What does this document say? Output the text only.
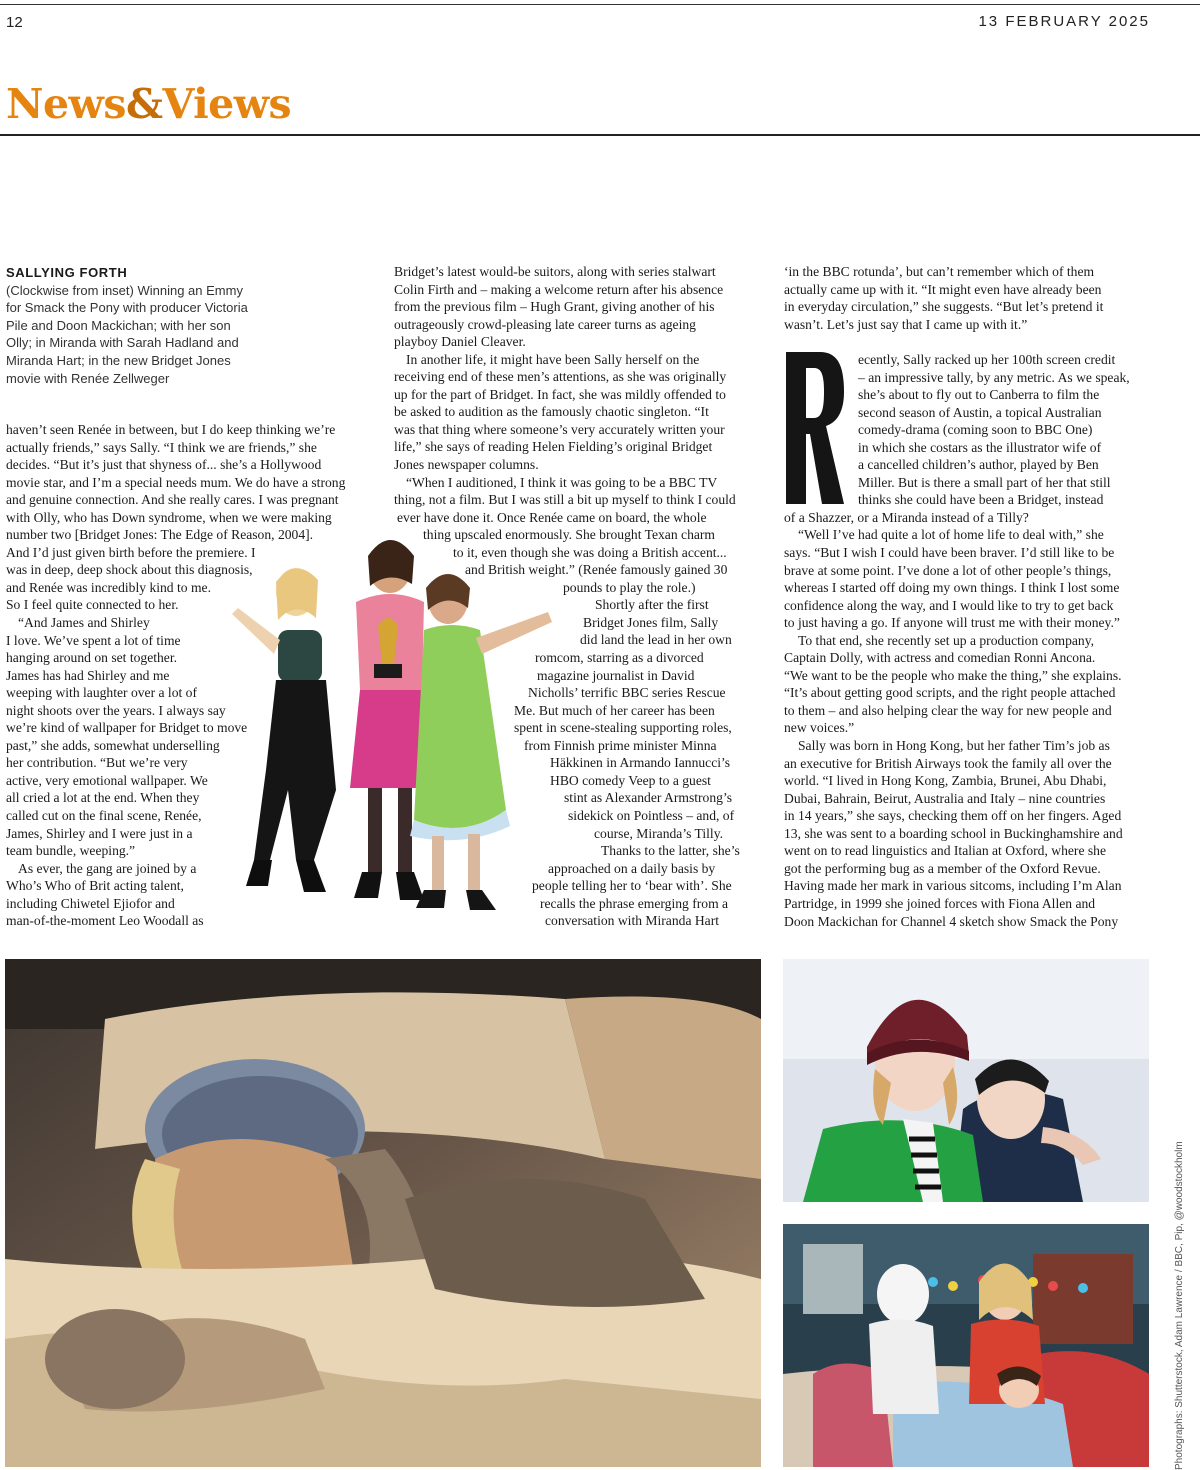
12	13 FEBRUARY 2025
News&Views
SALLYING FORTH
(Clockwise from inset) Winning an Emmy
for Smack the Pony with producer Victoria
Pile and Doon Mackichan; with her son
Olly; in Miranda with Sarah Hadland and
Miranda Hart; in the new Bridget Jones
movie with Renée Zellweger
haven’t seen Renée in between, but I do keep thinking we’re
actually friends,” says Sally. “I think we are friends,” she
decides. “But it’s just that shyness of... she’s a Hollywood
movie star, and I’m a special needs mum. We do have a strong
and genuine connection. And she really cares. I was pregnant
with Olly, who has Down syndrome, when we were making
number two [Bridget Jones: The Edge of Reason, 2004].
And I’d just given birth before the premiere. I
was in deep, deep shock about this diagnosis,
and Renée was incredibly kind to me.
So I feel quite connected to her.
“And James and Shirley
I love. We’ve spent a lot of time
hanging around on set together.
James has had Shirley and me
weeping with laughter over a lot of
night shoots over the years. I always say
we’re kind of wallpaper for Bridget to move
past,” she adds, somewhat underselling
her contribution. “But we’re very
active, very emotional wallpaper. We
all cried a lot at the end. When they
called cut on the final scene, Renée,
James, Shirley and I were just in a
team bundle, weeping.”
As ever, the gang are joined by a
Who’s Who of Brit acting talent,
including Chiwetel Ejiofor and
man-of-the-moment Leo Woodall as
Bridget’s latest would-be suitors, along with series stalwart
Colin Firth and – making a welcome return after his absence
from the previous film – Hugh Grant, giving another of his
outrageously crowd-pleasing late career turns as ageing
playboy Daniel Cleaver.
In another life, it might have been Sally herself on the
receiving end of these men’s attentions, as she was originally
up for the part of Bridget. In fact, she was mildly offended to
be asked to audition as the famously chaotic singleton. “It
was that thing where someone’s very accurately written your
life,” she says of reading Helen Fielding’s original Bridget
Jones newspaper columns.
“When I auditioned, I think it was going to be a BBC TV
thing, not a film. But I was still a bit up myself to think I could
ever have done it. Once Renée came on board, the whole
thing upscaled enormously. She brought Texan charm
to it, even though she was doing a British accent...
and British weight.” (Renée famously gained 30
pounds to play the role.)
Shortly after the first
Bridget Jones film, Sally
did land the lead in her own
romcom, starring as a divorced
magazine journalist in David
Nicholls’ terrific BBC series Rescue
Me. But much of her career has been
spent in scene-stealing supporting roles,
from Finnish prime minister Minna
Häkkinen in Armando Iannucci’s
HBO comedy Veep to a guest
stint as Alexander Armstrong’s
sidekick on Pointless – and, of
course, Miranda’s Tilly.
Thanks to the latter, she’s
approached on a daily basis by
people telling her to ‘bear with’. She
recalls the phrase emerging from a
conversation with Miranda Hart
‘in the BBC rotunda’, but can’t remember which of them
actually came up with it. “It might even have already been
in everyday circulation,” she suggests. “But let’s pretend it
wasn’t. Let’s just say that I came up with it.”
ecently, Sally racked up her 100th screen credit
– an impressive tally, by any metric. As we speak,
she’s about to fly out to Canberra to film the
second season of Austin, a topical Australian
comedy-drama (coming soon to BBC One)
in which she costars as the illustrator wife of
a cancelled children’s author, played by Ben
Miller. But is there a small part of her that still
thinks she could have been a Bridget, instead
of a Shazzer, or a Miranda instead of a Tilly?
“Well I’ve had quite a lot of home life to deal with,” she
says. “But I wish I could have been braver. I’d still like to be
brave at some point. I’ve done a lot of other people’s things,
whereas I started off doing my own things. I think I lost some
confidence along the way, and I would like to try to get back
to just having a go. If anyone will trust me with their money.”
To that end, she recently set up a production company,
Captain Dolly, with actress and comedian Ronni Ancona.
“We want to be the people who make the thing,” she explains.
“It’s about getting good scripts, and the right people attached
to them – and also helping clear the way for new people and
new voices.”
Sally was born in Hong Kong, but her father Tim’s job as
an executive for British Airways took the family all over the
world. “I lived in Hong Kong, Zambia, Brunei, Abu Dhabi,
Dubai, Bahrain, Beirut, Australia and Italy – nine countries
in 14 years,” she says, checking them off on her fingers. Aged
13, she was sent to a boarding school in Buckinghamshire and
went on to read linguistics and Italian at Oxford, where she
got the performing bug as a member of the Oxford Revue.
Having made her mark in various sitcoms, including I’m Alan
Partridge, in 1999 she joined forces with Fiona Allen and
Doon Mackichan for Channel 4 sketch show Smack the Pony
Photographs: Shutterstock, Adam Lawrence / BBC, Pip, @woodstockholm
